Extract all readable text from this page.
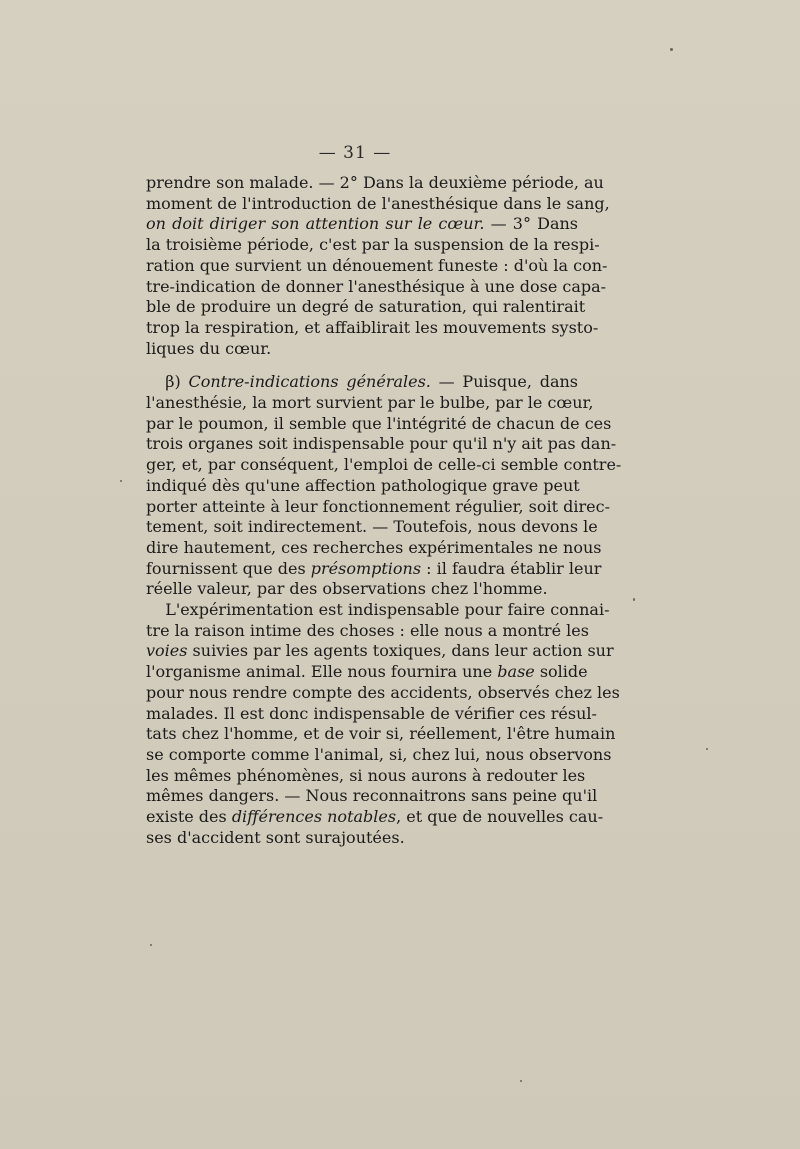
— 31 —

prendre son malade. — 2° Dans la deuxième période, au
moment de l'introduction de l'anesthésique dans le sang,
on doit diriger son attention sur le cœur. — 3° Dans
la troisième période, c'est par la suspension de la respi-
ration que survient un dénouement funeste : d'où la con-
tre-indication de donner l'anesthésique à une dose capa-
ble de produire un degré de saturation, qui ralentirait
trop la respiration, et affaiblirait les mouvements systo-
liques du cœur.

β) Contre-indications générales. — Puisque, dans
l'anesthésie, la mort survient par le bulbe, par le cœur,
par le poumon, il semble que l'intégrité de chacun de ces
trois organes soit indispensable pour qu'il n'y ait pas dan-
ger, et, par conséquent, l'emploi de celle-ci semble contre-
indiqué dès qu'une affection pathologique grave peut
porter atteinte à leur fonctionnement régulier, soit direc-
tement, soit indirectement. — Toutefois, nous devons le
dire hautement, ces recherches expérimentales ne nous
fournissent que des présomptions : il faudra établir leur
réelle valeur, par des observations chez l'homme.

L'expérimentation est indispensable pour faire connai-
tre la raison intime des choses : elle nous a montré les
voies suivies par les agents toxiques, dans leur action sur
l'organisme animal. Elle nous fournira une base solide
pour nous rendre compte des accidents, observés chez les
malades. Il est donc indispensable de vérifier ces résul-
tats chez l'homme, et de voir si, réellement, l'être humain
se comporte comme l'animal, si, chez lui, nous observons
les mêmes phénomènes, si nous aurons à redouter les
mêmes dangers. — Nous reconnaitrons sans peine qu'il
existe des différences notables, et que de nouvelles cau-
ses d'accident sont surajoutées.
